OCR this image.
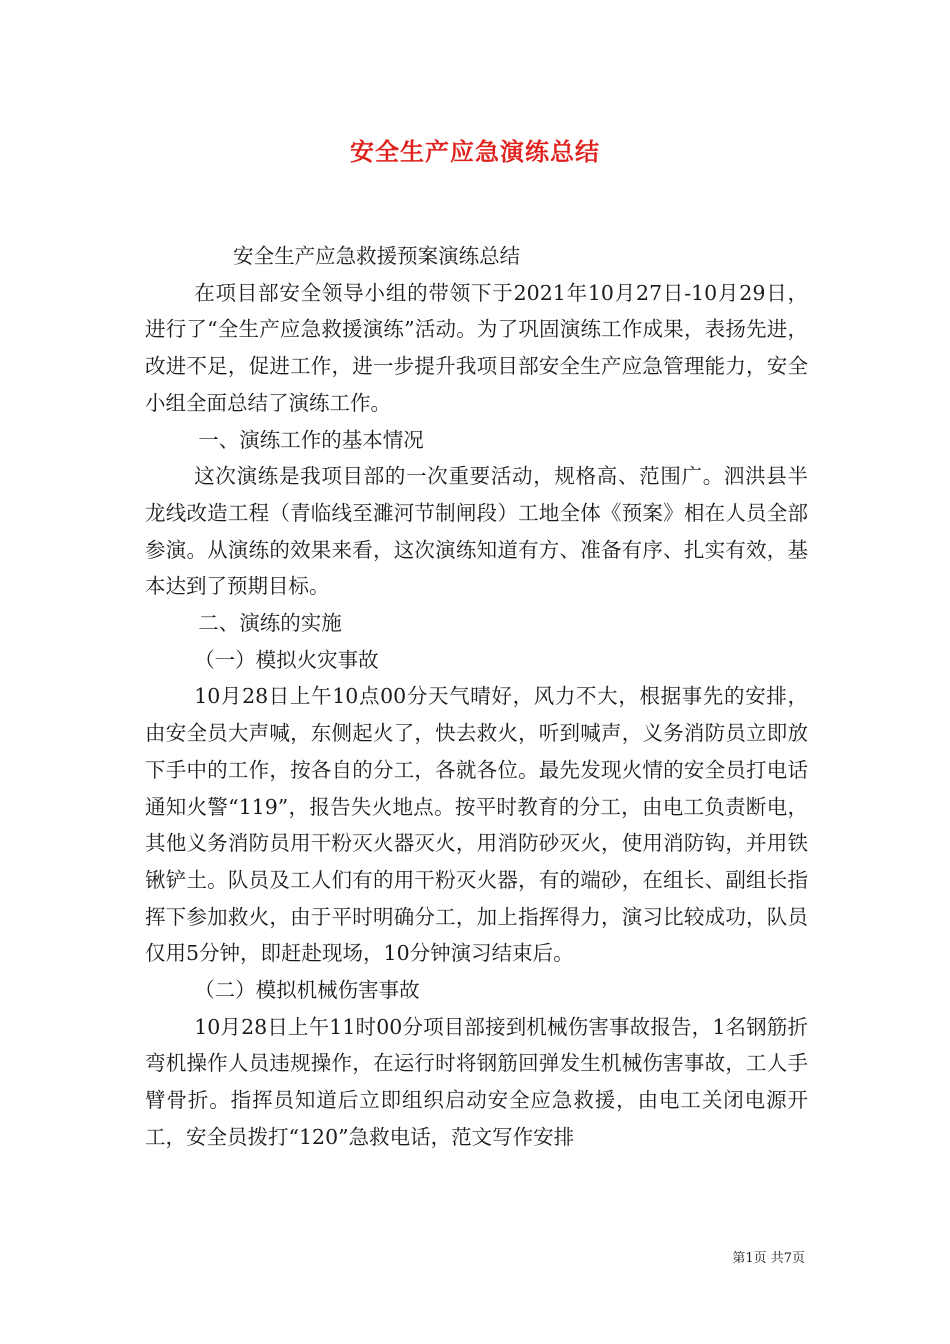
安全生产应急演练总结

安全生产应急救援预案演练总结

在项目部安全领导小组的带领下于2021年10月27日-10月29日，进行了“全生产应急救援演练”活动。为了巩固演练工作成果，表扬先进，改进不足，促进工作，进一步提升我项目部安全生产应急管理能力，安全小组全面总结了演练工作。

一、演练工作的基本情况

这次演练是我项目部的一次重要活动，规格高、范围广。泗洪县半龙线改造工程（青临线至濉河节制闸段）工地全体《预案》相在人员全部参演。从演练的效果来看，这次演练知道有方、准备有序、扎实有效，基本达到了预期目标。

二、演练的实施

（一）模拟火灾事故

10月28日上午10点00分天气晴好，风力不大，根据事先的安排，由安全员大声喊，东侧起火了，快去救火，听到喊声，义务消防员立即放下手中的工作，按各自的分工，各就各位。最先发现火情的安全员打电话通知火警“119”，报告失火地点。按平时教育的分工，由电工负责断电，其他义务消防员用干粉灭火器灭火，用消防砂灭火，使用消防钩，并用铁锹铲土。队员及工人们有的用干粉灭火器，有的端砂，在组长、副组长指挥下参加救火，由于平时明确分工，加上指挥得力，演习比较成功，队员仅用5分钟，即赶赴现场，10分钟演习结束后。

（二）模拟机械伤害事故

10月28日上午11时00分项目部接到机械伤害事故报告，1名钢筋折弯机操作人员违规操作，在运行时将钢筋回弹发生机械伤害事故，工人手臂骨折。指挥员知道后立即组织启动安全应急救援，由电工关闭电源开工，安全员拨打“120”急救电话，范文写作安排

第1页 共7页
